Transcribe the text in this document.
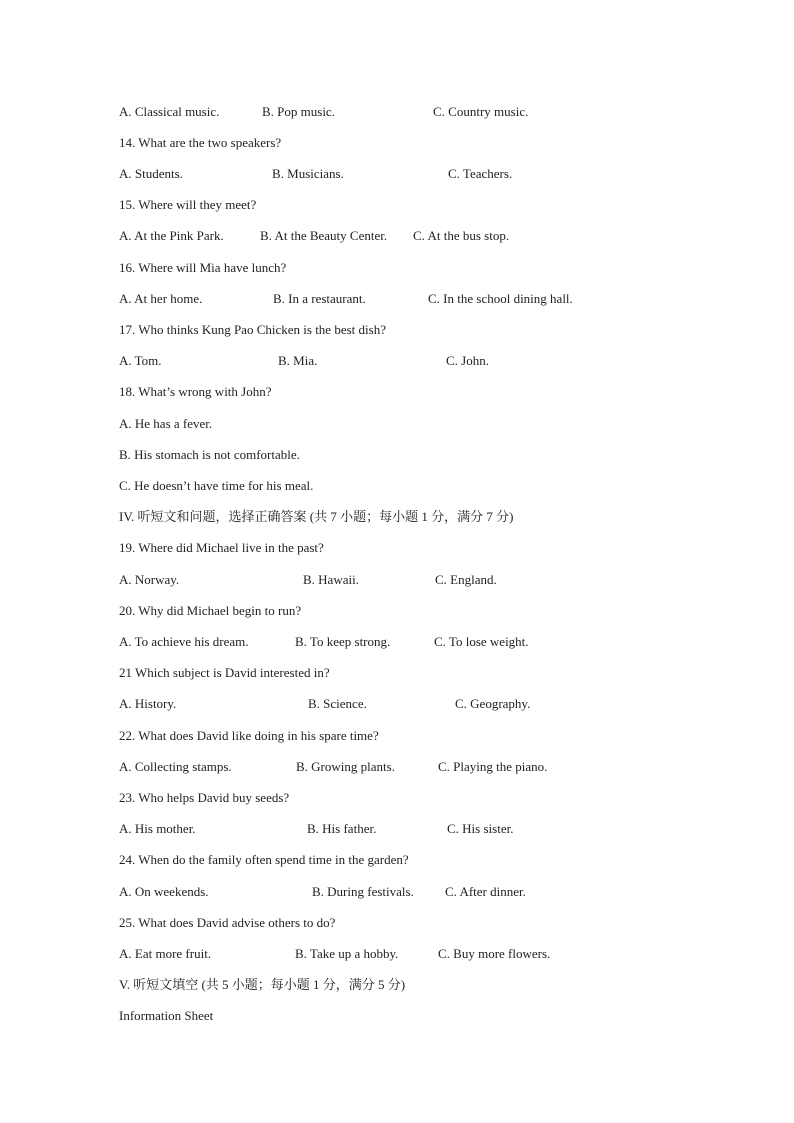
A. Classical music.	B. Pop music.	C. Country music.
14. What are the two speakers?
A. Students.	B. Musicians.	C. Teachers.
15. Where will they meet?
A. At the Pink Park.	B. At the Beauty Center. C. At the bus stop.
16. Where will Mia have lunch?
A. At her home.	B. In a restaurant.	C. In the school dining hall.
17. Who thinks Kung Pao Chicken is the best dish?
A. Tom.	B. Mia.	C. John.
18. What’s wrong with John?
A. He has a fever.
B. His stomach is not comfortable.
C. He doesn’t have time for his meal.
IV. 听短文和问题，选择正确答案 (共 7 小题；每小题 1 分，满分 7 分)
19. Where did Michael live in the past?
A. Norway.	B. Hawaii.	C. England.
20. Why did Michael begin to run?
A. To achieve his dream.	B. To keep strong.	C. To lose weight.
21 Which subject is David interested in?
A. History.	B. Science.	C. Geography.
22. What does David like doing in his spare time?
A. Collecting stamps.	B. Growing plants.	C. Playing the piano.
23. Who helps David buy seeds?
A. His mother.	B. His father.	C. His sister.
24. When do the family often spend time in the garden?
A. On weekends.	B. During festivals. C. After dinner.
25. What does David advise others to do?
A. Eat more fruit.	B. Take up a hobby.	C. Buy more flowers.
V. 听短文填空 (共 5 小题；每小题 1 分，满分 5 分)
Information Sheet
